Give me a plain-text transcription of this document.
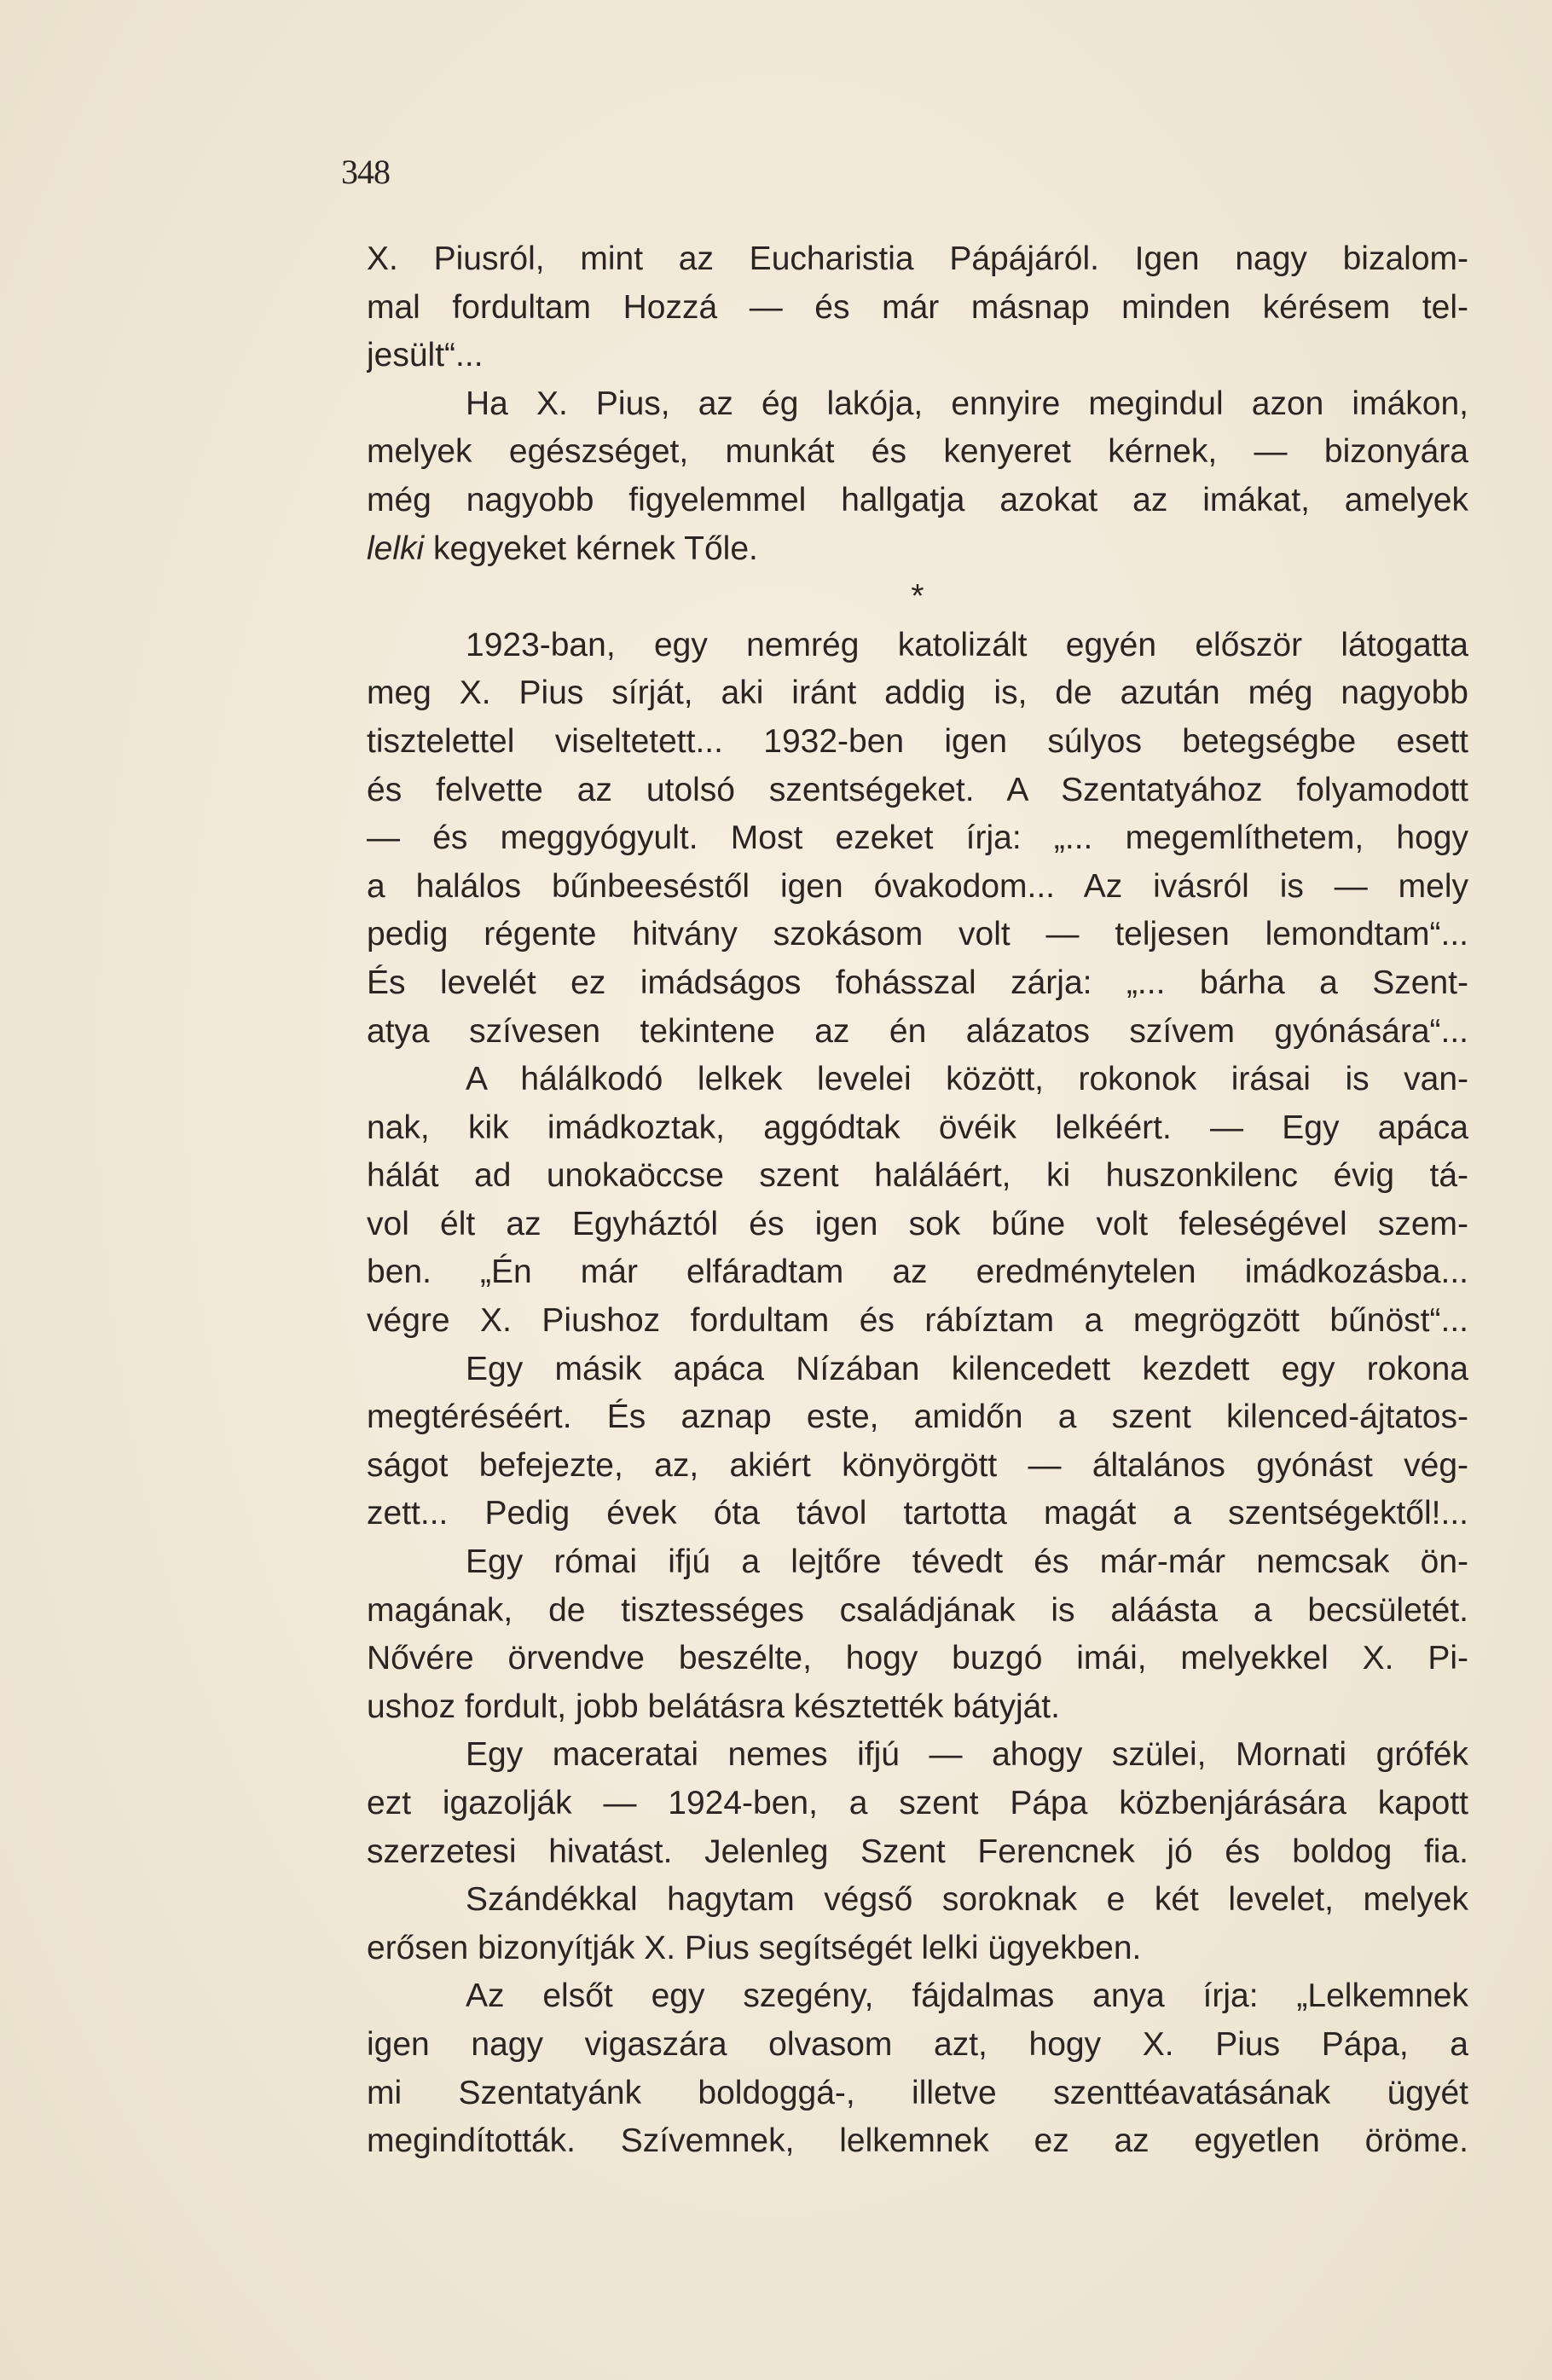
348
X. Piusról, mint az Eucharistia Pápájáról. Igen nagy bizalom-
mal fordultam Hozzá — és már másnap minden kérésem tel-
jesült“...
Ha X. Pius, az ég lakója, ennyire megindul azon imákon,
melyek egészséget, munkát és kenyeret kérnek, — bizonyára
még nagyobb figyelemmel hallgatja azokat az imákat, amelyek
lelki kegyeket kérnek Tőle.
*
1923-ban, egy nemrég katolizált egyén először látogatta
meg X. Pius sírját, aki iránt addig is, de azután még nagyobb
tisztelettel viseltetett... 1932-ben igen súlyos betegségbe esett
és felvette az utolsó szentségeket. A Szentatyához folyamodott
— és meggyógyult. Most ezeket írja: „... megemlíthetem, hogy
a halálos bűnbeeséstől igen óvakodom... Az ivásról is — mely
pedig régente hitvány szokásom volt — teljesen lemondtam“...
És levelét ez imádságos fohásszal zárja: „... bárha a Szent-
atya szívesen tekintene az én alázatos szívem gyónására“...
A hálálkodó lelkek levelei között, rokonok irásai is van-
nak, kik imádkoztak, aggódtak övéik lelkéért. — Egy apáca
hálát ad unokaöccse szent haláláért, ki huszonkilenc évig tá-
vol élt az Egyháztól és igen sok bűne volt feleségével szem-
ben. „Én már elfáradtam az eredménytelen imádkozásba...
végre X. Piushoz fordultam és rábíztam a megrögzött bűnöst“...
Egy másik apáca Nízában kilencedett kezdett egy rokona
megtéréséért. És aznap este, amidőn a szent kilenced-ájtatos-
ságot befejezte, az, akiért könyörgött — általános gyónást vég-
zett... Pedig évek óta távol tartotta magát a szentségektől!...
Egy római ifjú a lejtőre tévedt és már-már nemcsak ön-
magának, de tisztességes családjának is aláásta a becsületét.
Nővére örvendve beszélte, hogy buzgó imái, melyekkel X. Pi-
ushoz fordult, jobb belátásra késztették bátyját.
Egy maceratai nemes ifjú — ahogy szülei, Mornati grófék
ezt igazolják — 1924-ben, a szent Pápa közbenjárására kapott
szerzetesi hivatást. Jelenleg Szent Ferencnek jó és boldog fia.
Szándékkal hagytam végső soroknak e két levelet, melyek
erősen bizonyítják X. Pius segítségét lelki ügyekben.
Az elsőt egy szegény, fájdalmas anya írja: „Lelkemnek
igen nagy vigaszára olvasom azt, hogy X. Pius Pápa, a
mi Szentatyánk boldoggá-, illetve szenttéavatásának ügyét
megindították. Szívemnek, lelkemnek ez az egyetlen öröme.
